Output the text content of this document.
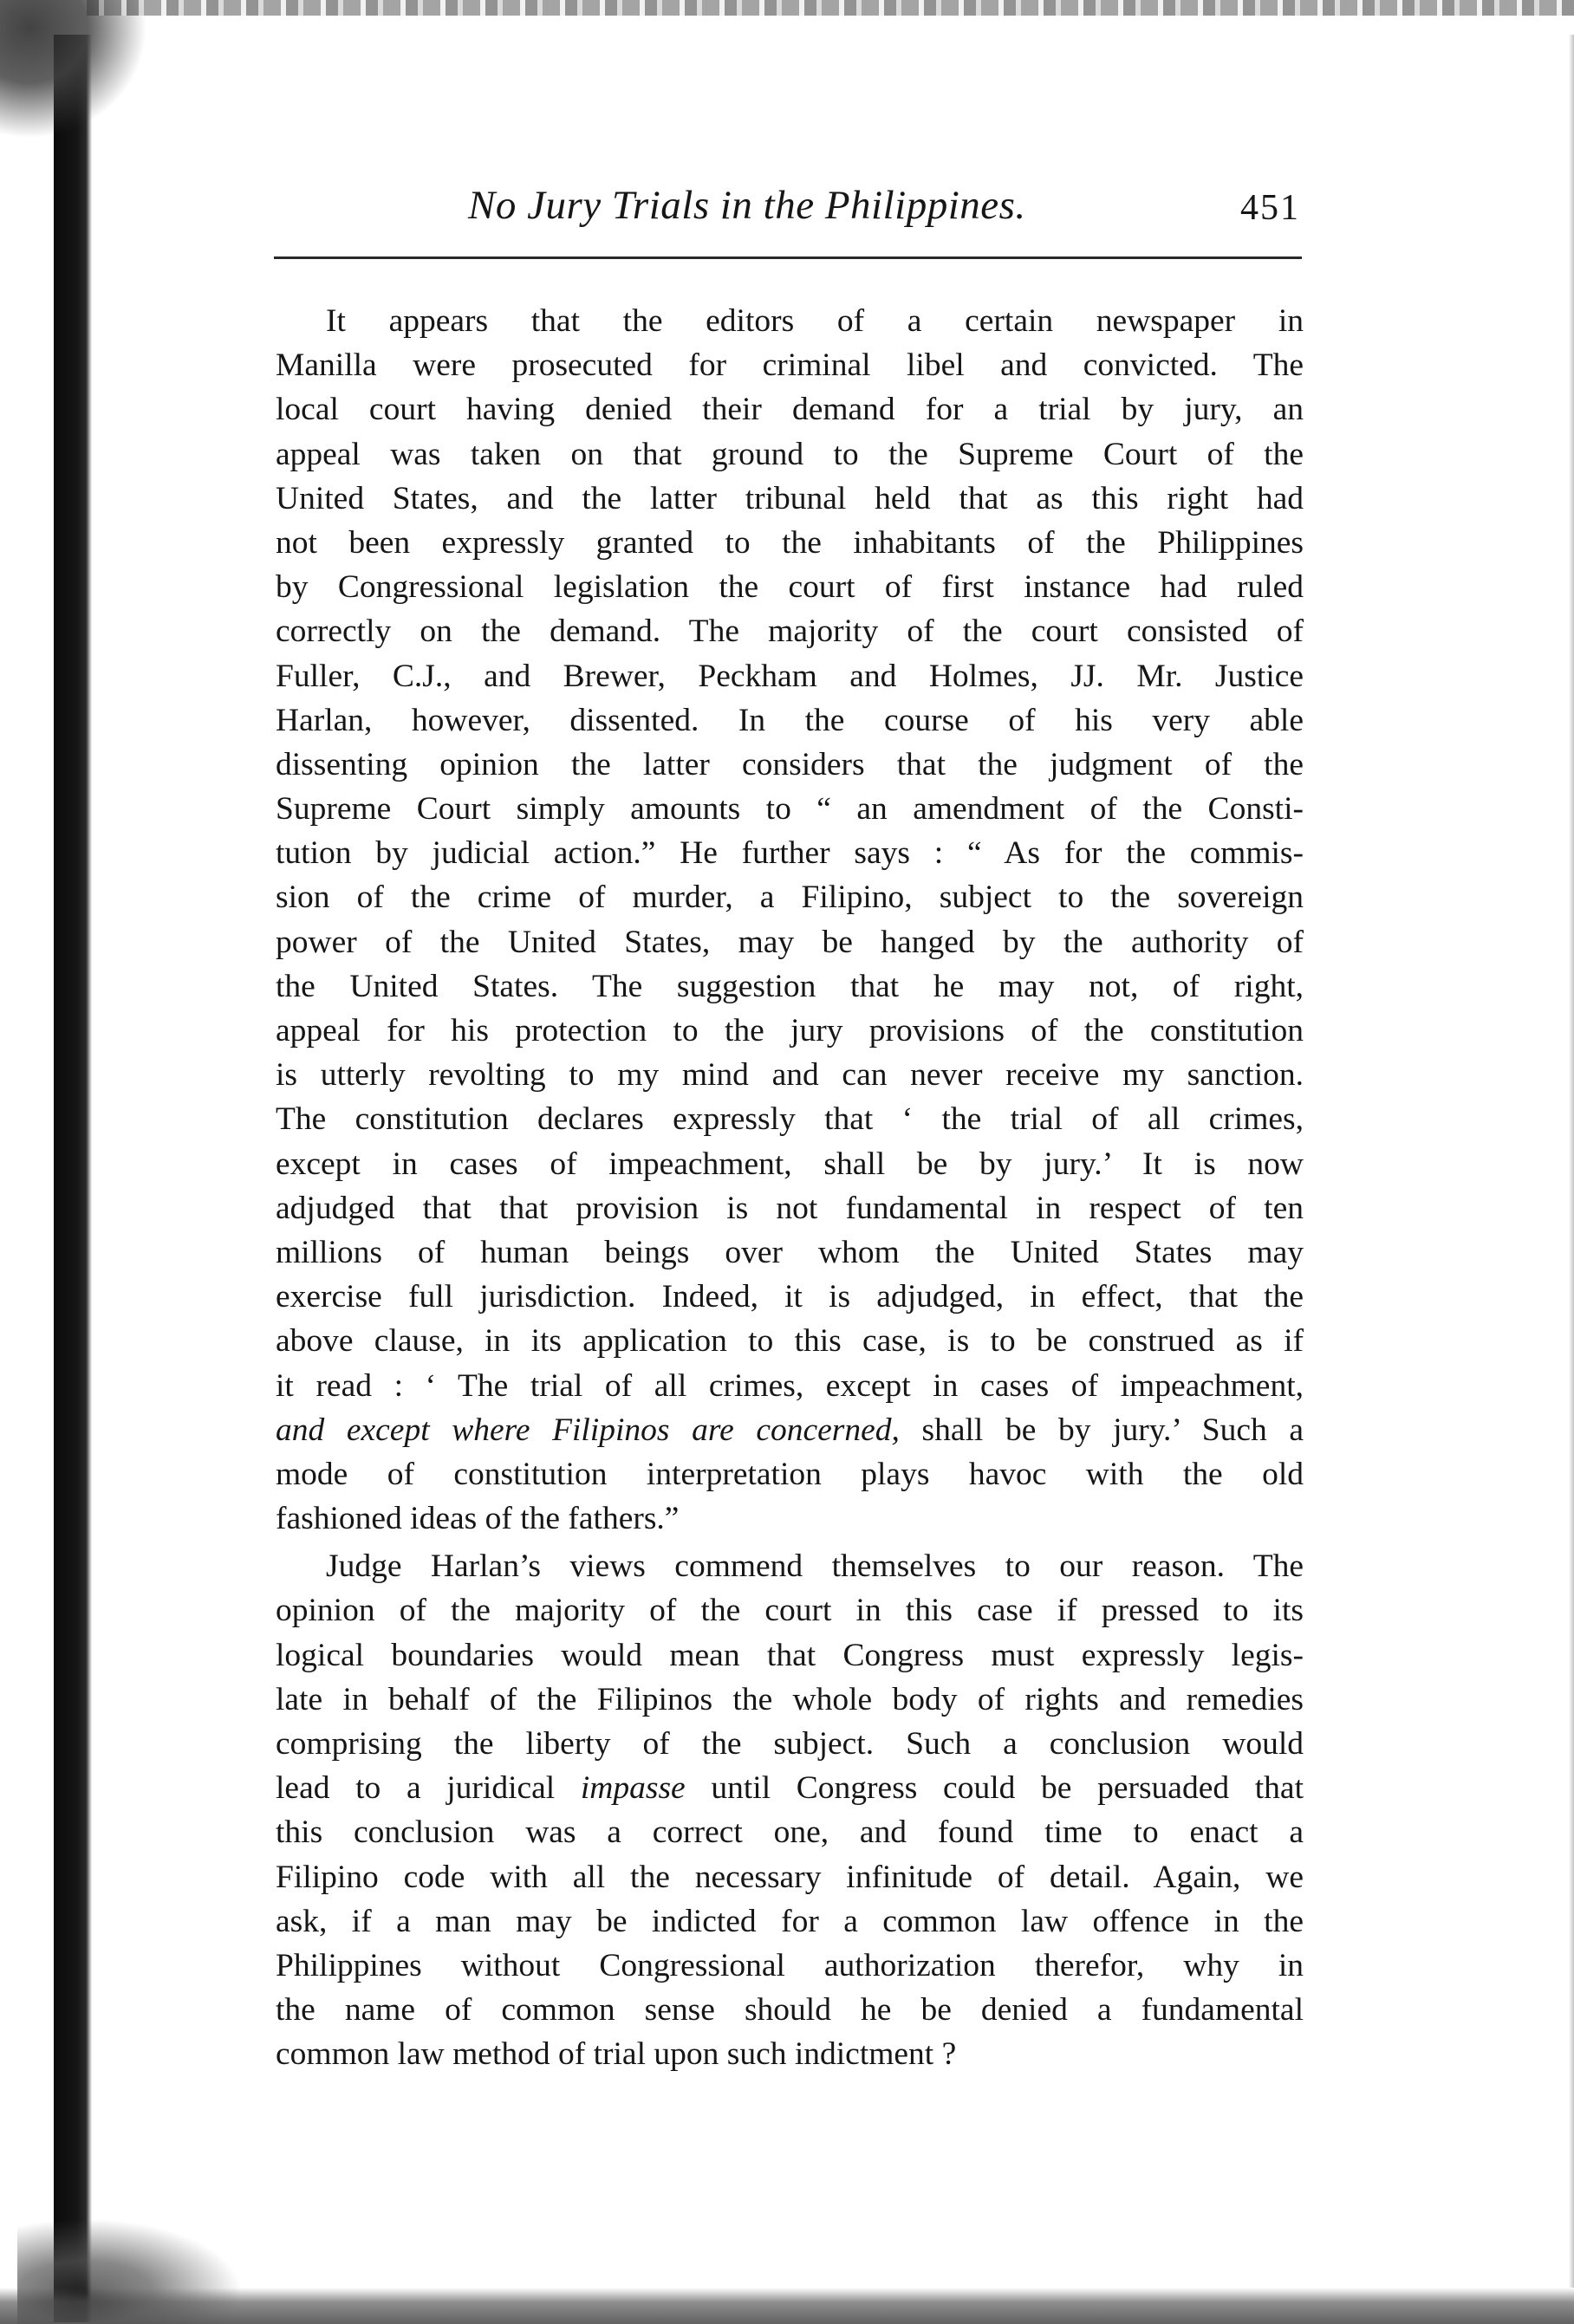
No Jury Trials in the Philippines.	451
It appears that the editors of a certain newspaper in
Manilla were prosecuted for criminal libel and convicted. The
local court having denied their demand for a trial by jury, an
appeal was taken on that ground to the Supreme Court of the
United States, and the latter tribunal held that as this right had
not been expressly granted to the inhabitants of the Philippines
by Congressional legislation the court of first instance had ruled
correctly on the demand. The majority of the court consisted of
Fuller, C.J., and Brewer, Peckham and Holmes, JJ. Mr. Justice
Harlan, however, dissented. In the course of his very able
dissenting opinion the latter considers that the judgment of the
Supreme Court simply amounts to “ an amendment of the Consti-
tution by judicial action.” He further says : “ As for the commis-
sion of the crime of murder, a Filipino, subject to the sovereign
power of the United States, may be hanged by the authority of
the United States. The suggestion that he may not, of right,
appeal for his protection to the jury provisions of the constitution
is utterly revolting to my mind and can never receive my sanction.
The constitution declares expressly that ‘ the trial of all crimes,
except in cases of impeachment, shall be by jury.’ It is now
adjudged that that provision is not fundamental in respect of ten
millions of human beings over whom the United States may
exercise full jurisdiction. Indeed, it is adjudged, in effect, that the
above clause, in its application to this case, is to be construed as if
it read : ‘ The trial of all crimes, except in cases of impeachment,
and except where Filipinos are concerned, shall be by jury.’ Such a
mode of constitution interpretation plays havoc with the old
fashioned ideas of the fathers.”
Judge Harlan’s views commend themselves to our reason. The
opinion of the majority of the court in this case if pressed to its
logical boundaries would mean that Congress must expressly legis-
late in behalf of the Filipinos the whole body of rights and remedies
comprising the liberty of the subject. Such a conclusion would
lead to a juridical impasse until Congress could be persuaded that
this conclusion was a correct one, and found time to enact a
Filipino code with all the necessary infinitude of detail. Again, we
ask, if a man may be indicted for a common law offence in the
Philippines without Congressional authorization therefor, why in
the name of common sense should he be denied a fundamental
common law method of trial upon such indictment ?
